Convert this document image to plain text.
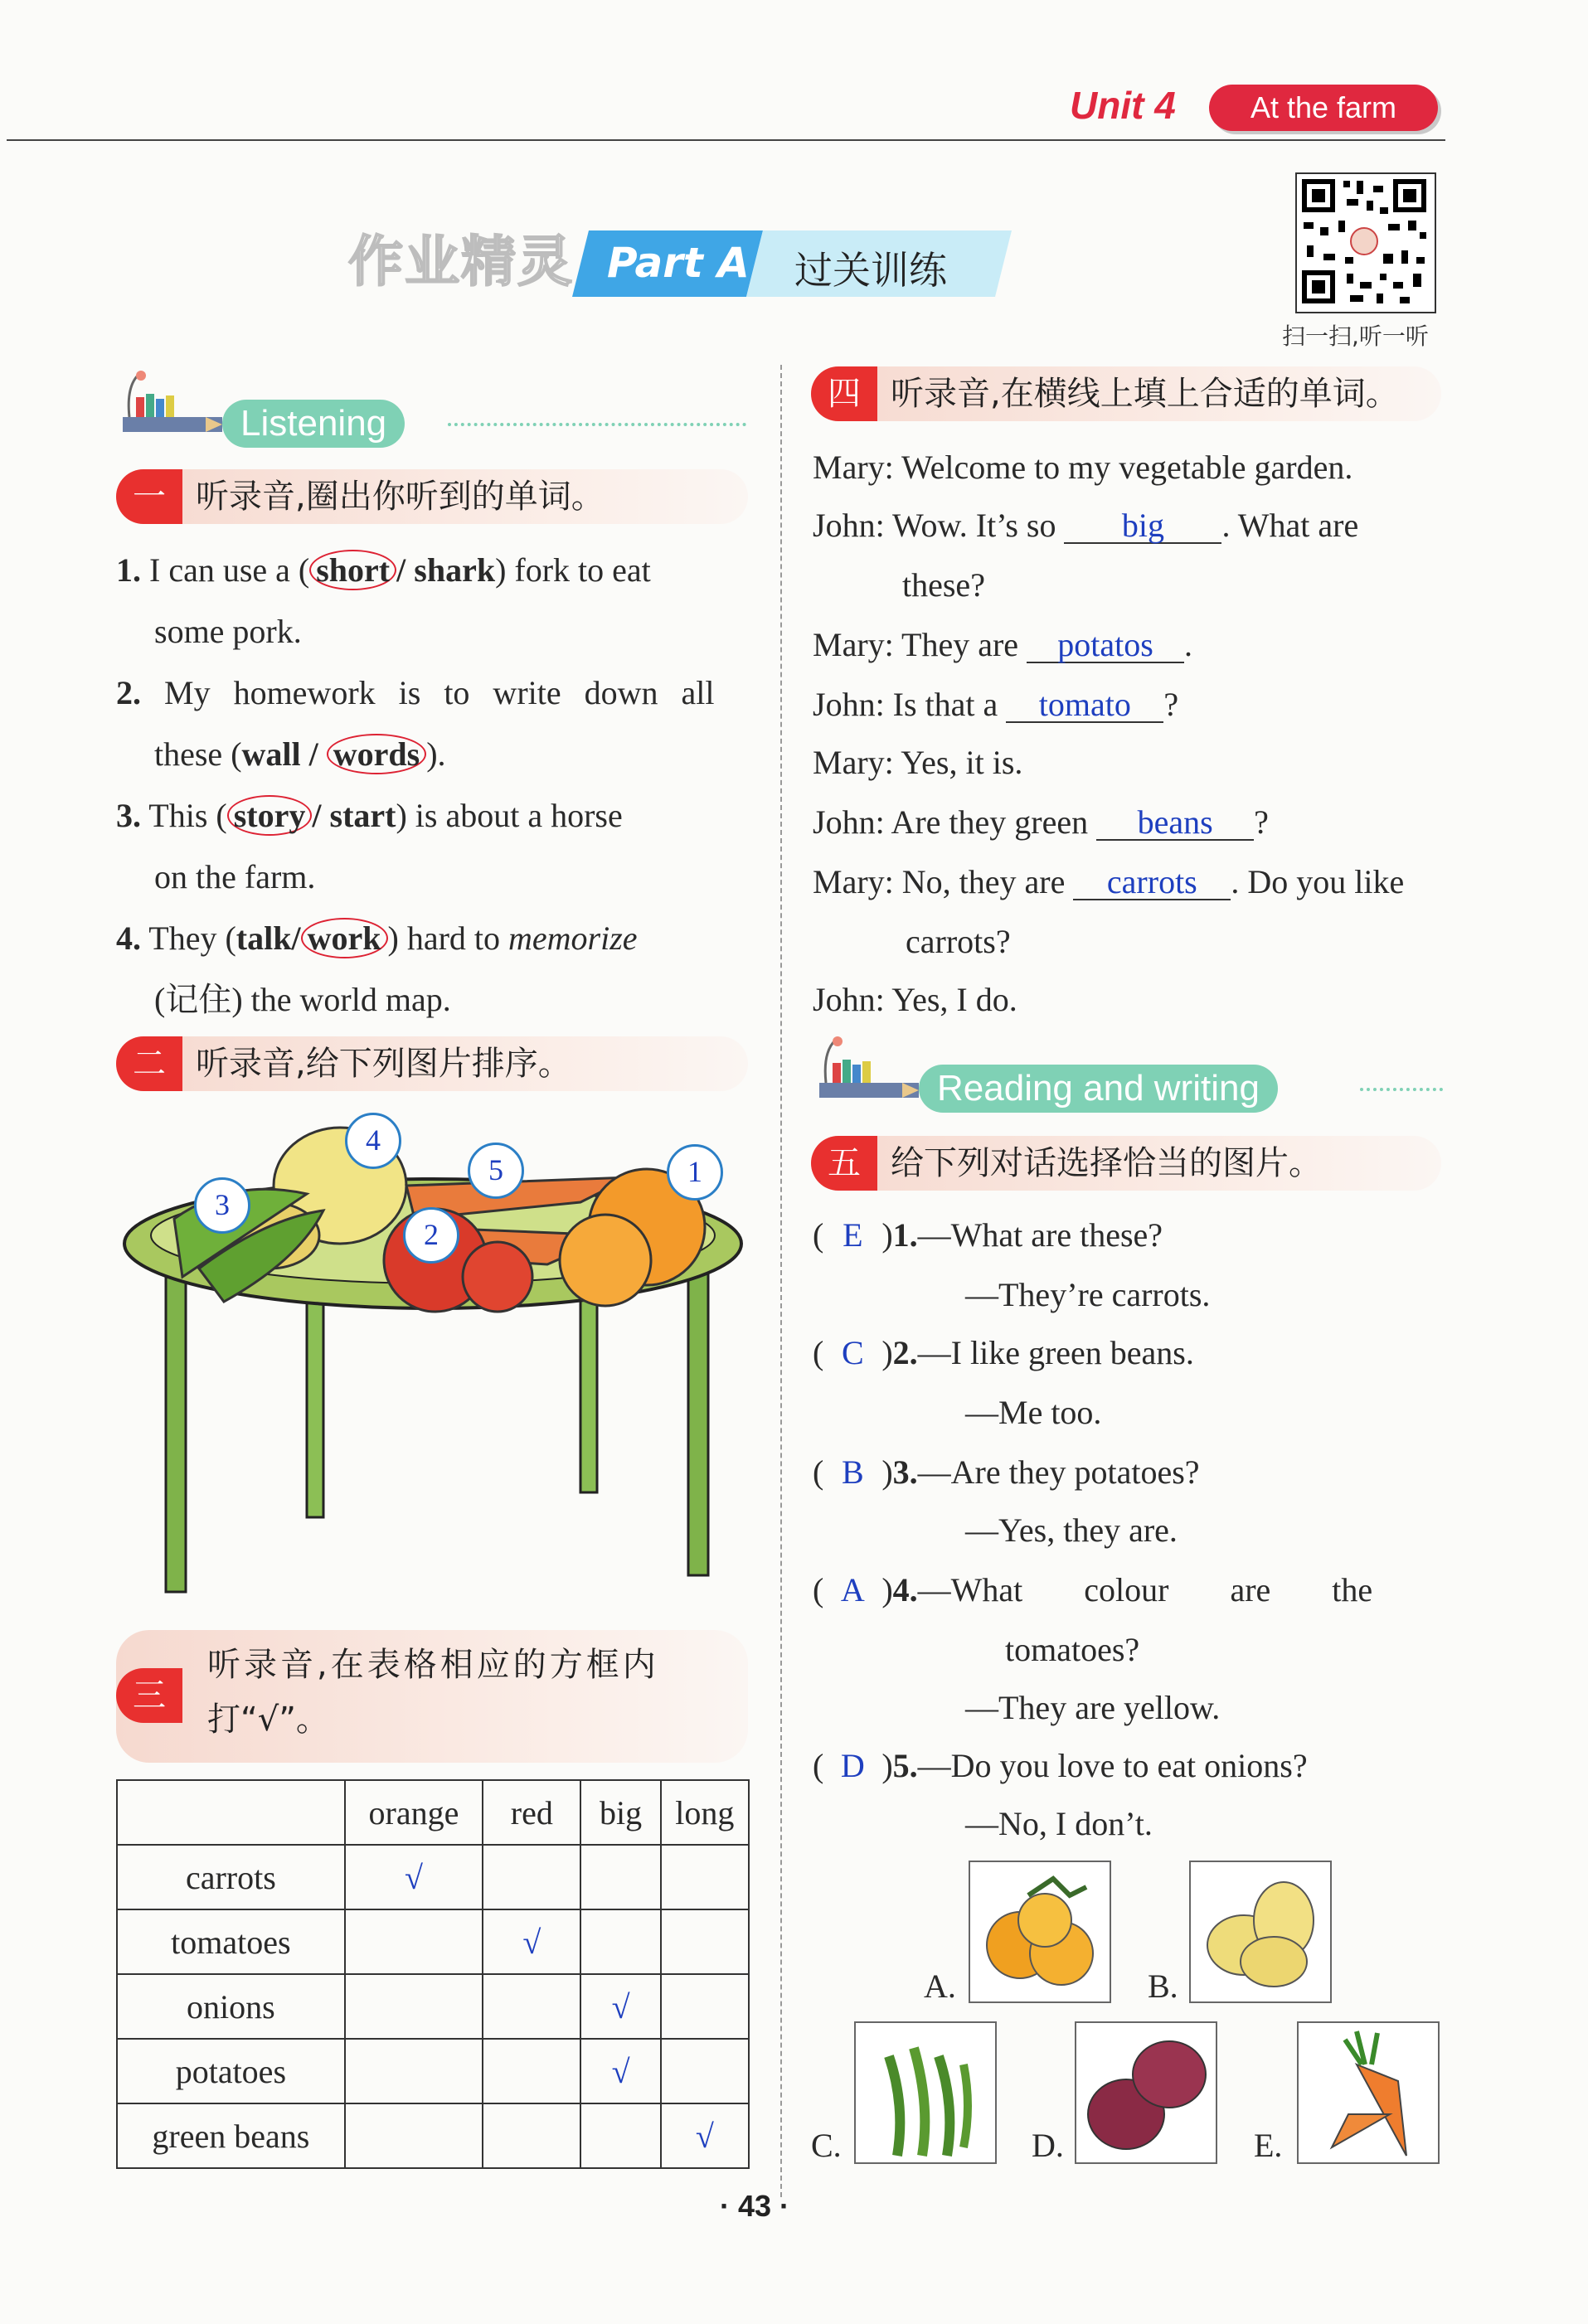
Unit 4	At the farm
作业精灵 Part A 过关训练
扫一扫,听一听
Listening
一 听录音,圈出你听到的单词。
1. I can use a ( short / shark) fork to eat
some pork.
2. My homework is to write down all
these (wall / words ).
3. This ( story / start) is about a horse
on the farm.
4. They (talk/ work ) hard to memorize
(记住) the world map.
二 听录音,给下列图片排序。
4
5	1
3
2
三
听录音,在表格相应的方框内
打“√”。
	orange	red	big	long
carrots	√			
tomatoes		√		
onions			√	
potatoes			√	
green beans				√
四 听录音,在横线上填上合适的单词。
Mary: Welcome to my vegetable garden.
John: Wow. It’s so big . What are
these?
Mary: They are potatos .
John: Is that a tomato ?
Mary: Yes, it is.
John: Are they green beans ?
Mary: No, they are carrots . Do you like
carrots?
John: Yes, I do.
Reading and writing
五 给下列对话选择恰当的图片。
( E )1.—What are these?
—They’re carrots.
( C )2.—I like green beans.
—Me too.
( B )3.—Are they potatoes?
—Yes, they are.
( A )4.—What colour are the
tomatoes?
—They are yellow.
( D )5.—Do you love to eat onions?
—No, I don’t.
A.	B.
C.	D.	E.
· 43 ·
